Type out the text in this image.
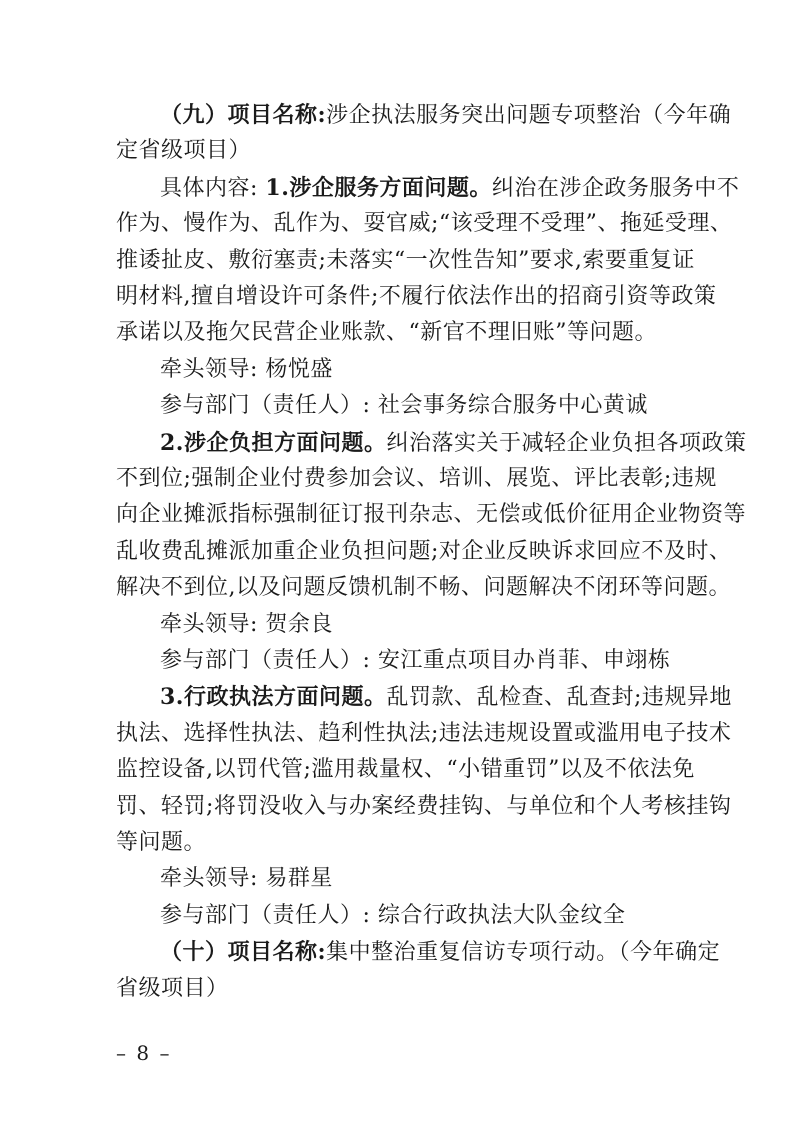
（九）项目名称:涉企执法服务突出问题专项整治（今年确
定省级项目）
具体内容: 1.涉企服务方面问题。纠治在涉企政务服务中不
作为、慢作为、乱作为、耍官威;“该受理不受理”、拖延受理、
推诿扯皮、敷衍塞责;未落实“一次性告知”要求,索要重复证
明材料,擅自增设许可条件;不履行依法作出的招商引资等政策
承诺以及拖欠民营企业账款、“新官不理旧账”等问题。
牵头领导: 杨悦盛
参与部门（责任人）: 社会事务综合服务中心黄诚
2.涉企负担方面问题。纠治落实关于减轻企业负担各项政策
不到位;强制企业付费参加会议、培训、展览、评比表彰;违规
向企业摊派指标强制征订报刊杂志、无偿或低价征用企业物资等
乱收费乱摊派加重企业负担问题;对企业反映诉求回应不及时、
解决不到位,以及问题反馈机制不畅、问题解决不闭环等问题。
牵头领导: 贺余良
参与部门（责任人）: 安江重点项目办肖菲、申翊栋
3.行政执法方面问题。乱罚款、乱检查、乱查封;违规异地
执法、选择性执法、趋利性执法;违法违规设置或滥用电子技术
监控设备,以罚代管;滥用裁量权、“小错重罚”以及不依法免
罚、轻罚;将罚没收入与办案经费挂钩、与单位和个人考核挂钩
等问题。
牵头领导: 易群星
参与部门（责任人）: 综合行政执法大队金纹全
（十）项目名称:集中整治重复信访专项行动。（今年确定
省级项目）
– 8 –
